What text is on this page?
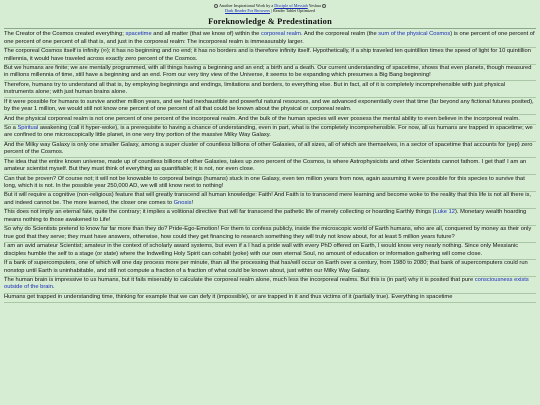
Another Inspirational Work by a Disciple of Messiah Yeshua
Dark Reader For Browsers | Reader Tablet Optimized
Foreknowledge & Predestination

The Creator of the Cosmos created everything; spacetime and all matter (that we know of) within the corporeal realm. And the corporeal realm (the sum of the physical Cosmos) is one percent of one percent of one percent of one percent of all that is, and just in the corporeal realm: The incorporeal realm is immeasurably larger.

The corporeal Cosmos itself is infinity (∞); it has no beginning and no end; it has no borders and is therefore infinity itself. Hypothetically, if a ship traveled ten quintillion times the speed of light for 10 quintillion millennia, it would have traveled across exactly zero percent of the Cosmos.

But we humans are finite; we are mentally programmed, with all things having a beginning and an end; a birth and a death. Our current understanding of spacetime, shows that even planets, though measured in millions millennia of time, still have a beginning and an end. From our very tiny view of the Universe, it seems to be expanding which presumes a Big Bang beginning!

Therefore, humans try to understand all that is, by employing beginnings and endings, limitations and borders, to everything else. But in fact, all of it is completely incomprehensible with just physical instruments alone; with just human brains alone.

If it were possible for humans to survive another million years, and we had inexhaustible and powerful natural resources, and we advanced exponentially over that time (far beyond any fictional futures posited), by the year 1 million, we would still not know one percent of one percent of all that could be known about the physical or corporeal realm.

And the physical corporeal realm is not one percent of one percent of the incorporeal realm. And the bulk of the human species will ever possess the mental ability to even believe in the incorporeal realm.

So a Spiritual awakening (call it hyper-woke), is a prerequisite to having a chance of understanding, even in part, what is the completely incomprehensible. For now, all us humans are trapped in spacetime; we are confined to one microscopically little planet, in one very tiny portion of the massive Milky Way Galaxy.

And the Milky way Galaxy is only one smaller Galaxy, among a super cluster of countless billions of other Galaxies, of all sizes, all of which are themselves, in a sector of spacetime that accounts for (yep) zero percent of the Cosmos.

The idea that the entire known universe, made up of countless billions of other Galaxies, takes up zero percent of the Cosmos, is where Astrophysicists and other Scientists cannot fathom. I get that! I am an amateur scientist myself. But they must think of everything as quantifiable; it is not, nor even close.

Can that be proven? Of course not; it will not be knowable to corporeal beings (humans) stuck in one Galaxy, even ten million years from now, again assuming it were possible for this species to survive that long, which it is not. In the possible year 250,000 AD, we will still know next to nothing!

But it will require a cognitive (non-religious) feature that will greatly transcend all human knowledge: Faith! And Faith is to transcend mere learning and become woke to the reality that this life is not all there is, and indeed cannot be. The more learned, the closer one comes to Gnosis!

This does not imply an eternal fate, quite the contrary; it implies a volitional directive that will far transcend the pathetic life of merely collecting or hoarding Earthly things (Luke 12). Monetary wealth hoarding means nothing to those awakened to Life!

So why do Scientists pretend to know far far more than they do? Pride-Ego-Emotion! For them to confess publicly, inside the microscopic world of Earth humans, who are all, conquered by money as their only true god that they serve; they must have answers, otherwise, how could they get financing to research something they will truly not know about, for at least 5 million years future?

I am an avid amateur Scientist; amateur in the context of scholarly award systems, but even if a I had a pride wall with every PhD offered on Earth, I would know very nearly nothing. Since only Messianic disciples humble the self to a stage (or state) where the Indwelling Holy Spirit can cohabit (yoke) with our own eternal Soul, no amount of education or information gathering will come close.

If a bank of supercomputers, one of which will one day process more per minute, than all the processing that has/will occur on Earth over a century, from 1980 to 2080; that bank of supercomputers could run nonstop until Earth is uninhabitable, and still not compute a fraction of a fraction of what could be known about, just within our Milky Way Galaxy.

The human brain is impressive to us humans, but it fails miserably to calculate the corporeal realm alone, much less the incorporeal realms. But this is (in part) why it is posited that pure consciousness exists outside of the brain.

Humans get trapped in understanding time, thinking for example that we can defy it (impossible), or are trapped in it and thus victims of it (partially true). Everything in spacetime
